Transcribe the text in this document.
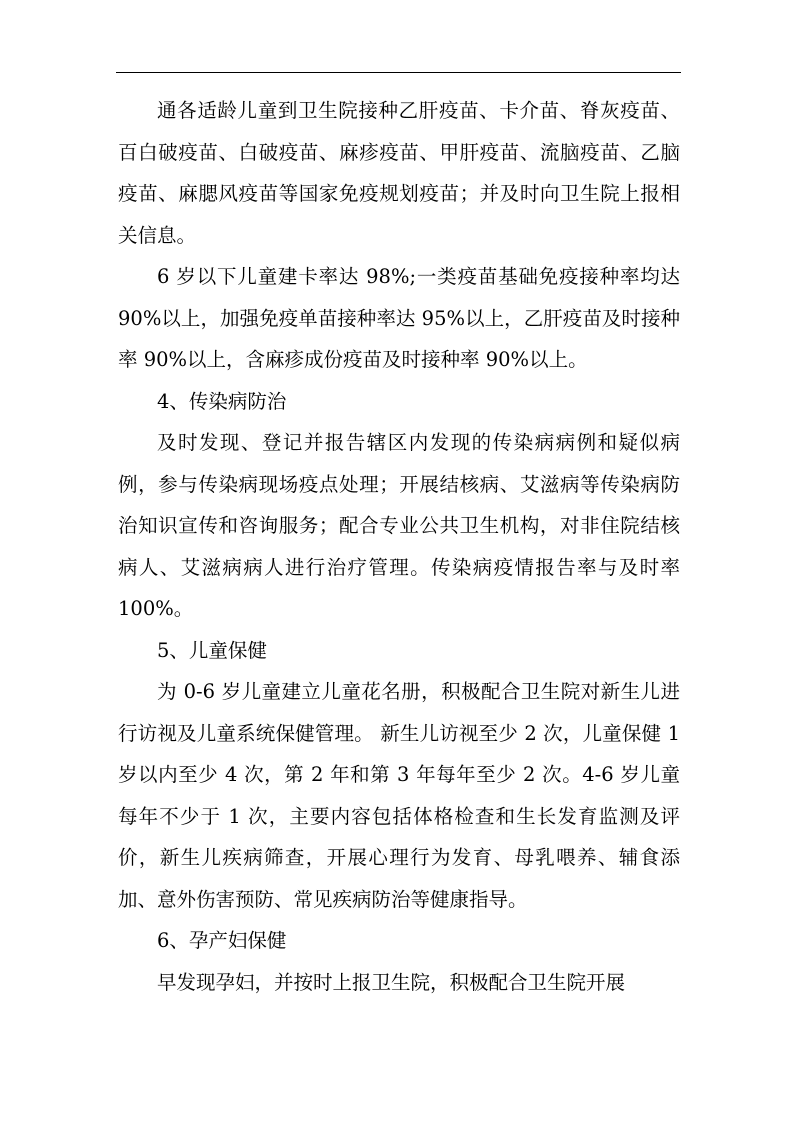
通各适龄儿童到卫生院接种乙肝疫苗、卡介苗、脊灰疫苗、百白破疫苗、白破疫苗、麻疹疫苗、甲肝疫苗、流脑疫苗、乙脑疫苗、麻腮风疫苗等国家免疫规划疫苗；并及时向卫生院上报相关信息。

6 岁以下儿童建卡率达 98%;一类疫苗基础免疫接种率均达 90%以上，加强免疫单苗接种率达 95%以上，乙肝疫苗及时接种率 90%以上，含麻疹成份疫苗及时接种率 90%以上。

4、传染病防治

及时发现、登记并报告辖区内发现的传染病病例和疑似病例，参与传染病现场疫点处理；开展结核病、艾滋病等传染病防治知识宣传和咨询服务；配合专业公共卫生机构，对非住院结核病人、艾滋病病人进行治疗管理。传染病疫情报告率与及时率 100%。

5、儿童保健

为 0-6 岁儿童建立儿童花名册，积极配合卫生院对新生儿进行访视及儿童系统保健管理。 新生儿访视至少 2 次，儿童保健 1 岁以内至少 4 次，第 2 年和第 3 年每年至少 2 次。4-6 岁儿童每年不少于 1 次，主要内容包括体格检查和生长发育监测及评价，新生儿疾病筛查，开展心理行为发育、母乳喂养、辅食添加、意外伤害预防、常见疾病防治等健康指导。

6、孕产妇保健

早发现孕妇，并按时上报卫生院，积极配合卫生院开展
